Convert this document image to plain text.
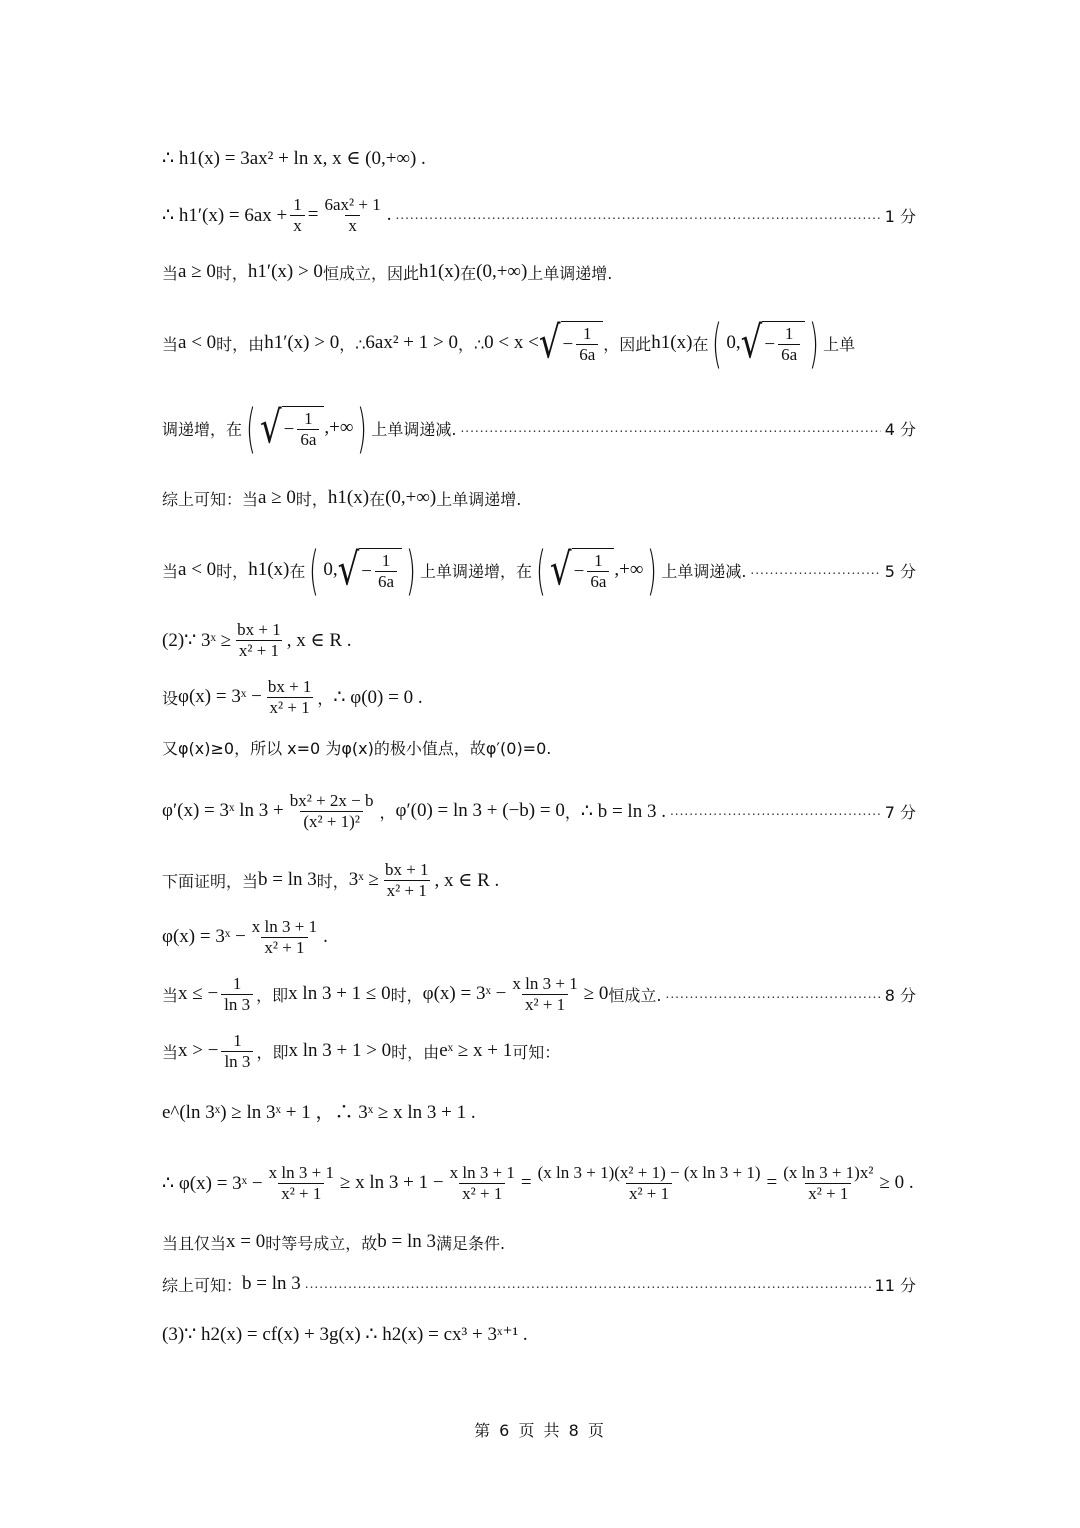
∴ h1(x) = 3ax² + ln x, x ∈ (0,+∞) .
∴ $h1'(x) = 6ax + \frac{1}{x} = \frac{\text{6ax² + 1}}{x}$ . .....	1 分
当 a ≥ 0 时， h1′(x) > 0 恒成立，因此 h1(x) 在 (0,+∞) 上单调递增.
当 a < 0 时，由 h1′(x) > 0 ，∴ 6ax² + 1 > 0 ，∴ 0 < x < √ − $\frac{1}{6a}$ ，因此 h1(x) 在 ( 0, √ − $\frac{1}{6a}$ ) 上单
调递增，在 ( √ − $\frac{1}{6a}$ ,+∞ ) 上单调递减. .....	4 分
综上可知：当 a ≥ 0 时， h1(x) 在 (0,+∞) 上单调递增.
当 a < 0 时， h1(x) 在 ( 0, √ − $\frac{1}{6a}$ ) 上单调递增，在 ( √ − $\frac{1}{6a}$ ,+∞ ) 上单调递减. .....	5 分
(2)∵ 3ˣ ≥ $\frac{bx + 1}{\text{x² + 1}}$ , x ∈ R .
设 φ(x) = 3ˣ − $\frac{bx + 1}{\text{x² + 1}}$ ， ∴ φ(0) = 0 .
又φ(x)≥0，所以 x=0 为φ(x)的极小值点，故φ′(0)=0.
φ′(x) = 3ˣ $\ln 3 + \frac{\text{bx² + 2x − b}}{\text{(x² + 1)²}}$ ， φ′(0) = ln 3 + (−b) = 0 ， ∴ b = ln 3 . .....	7 分
下面证明，当 b = ln 3 时， 3ˣ ≥ $\frac{bx + 1}{\text{x² + 1}}$ , x ∈ R .
φ(x) = 3ˣ − $\frac{\text{x ln 3 + 1}}{\text{x² + 1}}$ .
当 x ≤ − $\frac{1}{\ln 3}$ ，即 x ln 3 + 1 ≤ 0 时， φ(x) = 3ˣ − $\frac{\text{x ln 3 + 1}}{\text{x² + 1}} \ge 0$ 恒成立. .....	8 分
当 x > − $\frac{1}{\ln 3}$ ，即 x ln 3 + 1 > 0 时，由 eˣ ≥ x + 1 可知：
e^(ln 3ˣ) ≥ ln 3ˣ + 1 ，∴ 3ˣ ≥ x ln 3 + 1 .
∴ φ(x) = 3ˣ − $\frac{\text{x ln 3 + 1}}{\text{x² + 1}} \ge x$ $\ln 3 + 1 - \frac{\text{x ln 3 + 1}}{\text{x² + 1}} = \frac{\text{(x ln 3 + 1)(x² + 1) − (x ln 3 + 1)}}{\text{x² + 1}} = \frac{\text{(x ln 3 + 1)x²}}{\text{x² + 1}} \ge 0$ .
当且仅当 x = 0 时等号成立，故 b = ln 3 满足条件.
综上可知： b = ln 3 .....	11 分
(3)∵ h2(x) = cf(x) + 3g(x) ∴ h2(x) = cx³ + 3ˣ⁺¹ .
第 6 页 共 8 页
